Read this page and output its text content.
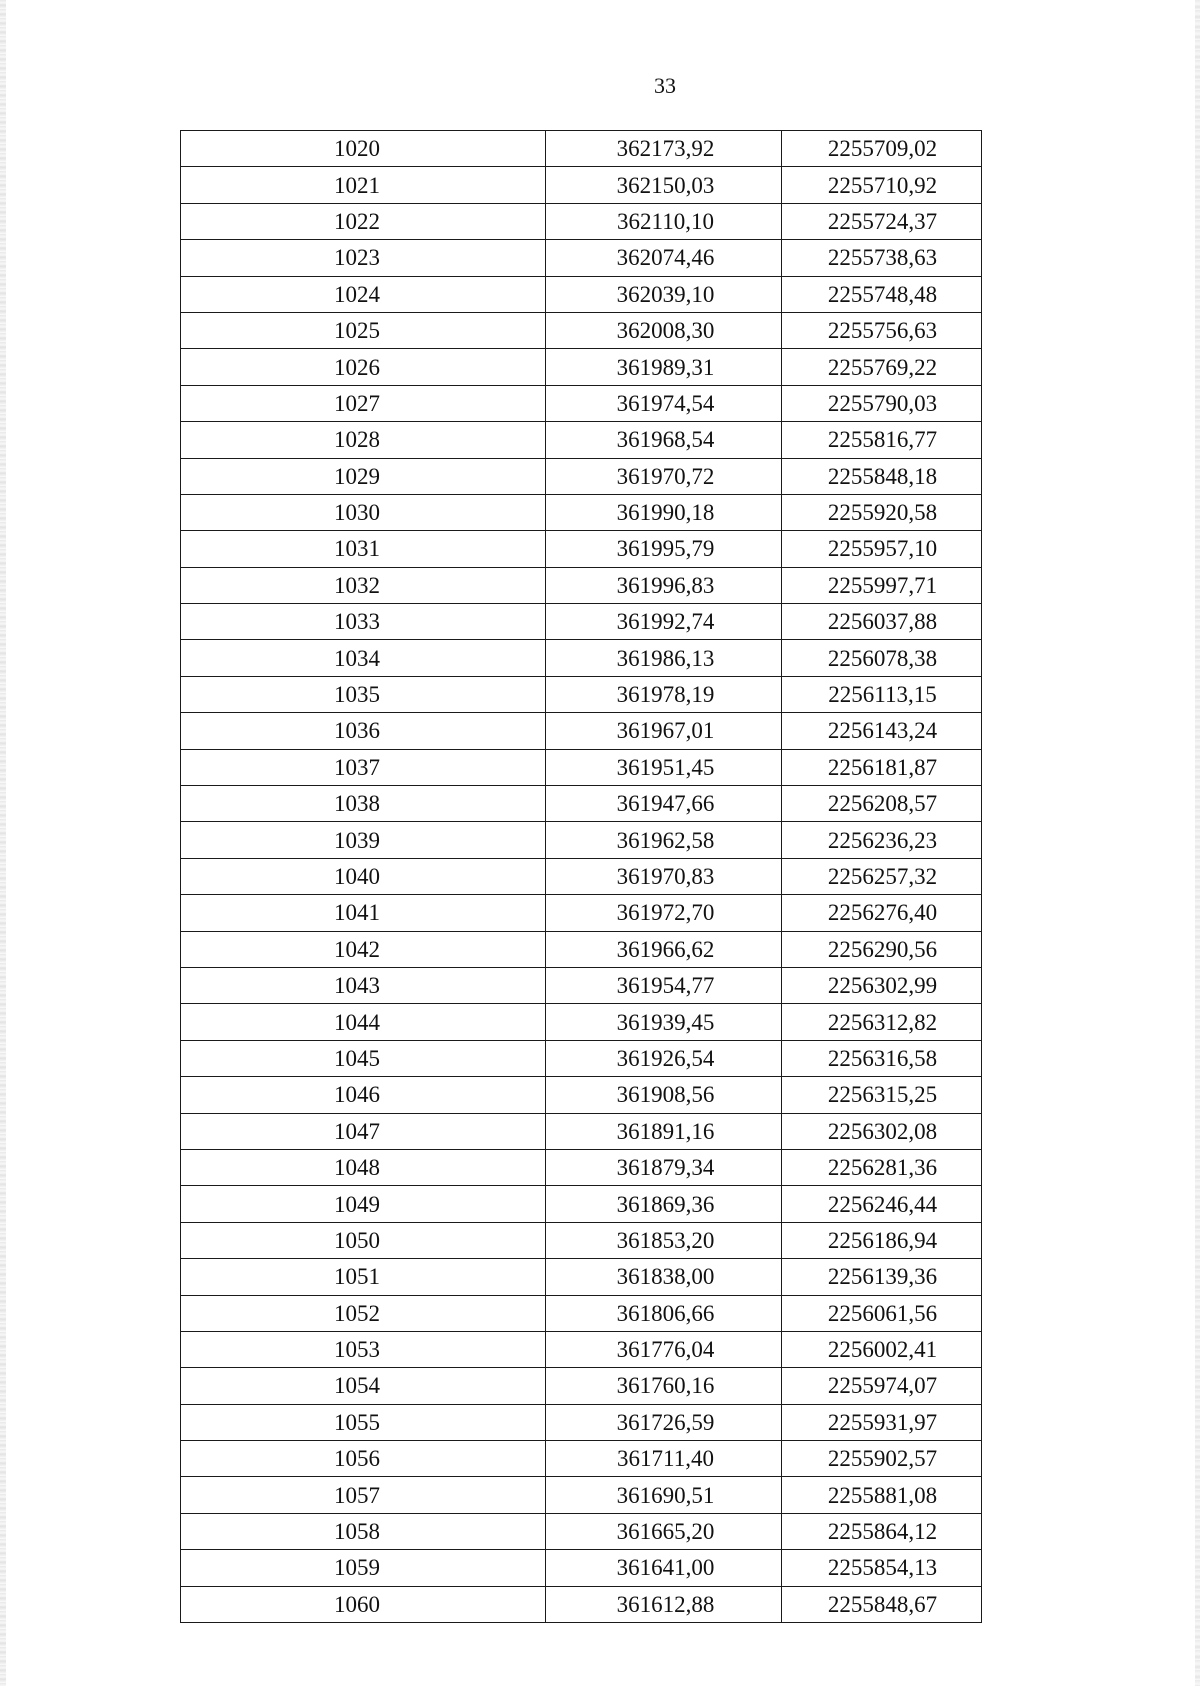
33
1020	362173,92	2255709,02
1021	362150,03	2255710,92
1022	362110,10	2255724,37
1023	362074,46	2255738,63
1024	362039,10	2255748,48
1025	362008,30	2255756,63
1026	361989,31	2255769,22
1027	361974,54	2255790,03
1028	361968,54	2255816,77
1029	361970,72	2255848,18
1030	361990,18	2255920,58
1031	361995,79	2255957,10
1032	361996,83	2255997,71
1033	361992,74	2256037,88
1034	361986,13	2256078,38
1035	361978,19	2256113,15
1036	361967,01	2256143,24
1037	361951,45	2256181,87
1038	361947,66	2256208,57
1039	361962,58	2256236,23
1040	361970,83	2256257,32
1041	361972,70	2256276,40
1042	361966,62	2256290,56
1043	361954,77	2256302,99
1044	361939,45	2256312,82
1045	361926,54	2256316,58
1046	361908,56	2256315,25
1047	361891,16	2256302,08
1048	361879,34	2256281,36
1049	361869,36	2256246,44
1050	361853,20	2256186,94
1051	361838,00	2256139,36
1052	361806,66	2256061,56
1053	361776,04	2256002,41
1054	361760,16	2255974,07
1055	361726,59	2255931,97
1056	361711,40	2255902,57
1057	361690,51	2255881,08
1058	361665,20	2255864,12
1059	361641,00	2255854,13
1060	361612,88	2255848,67
